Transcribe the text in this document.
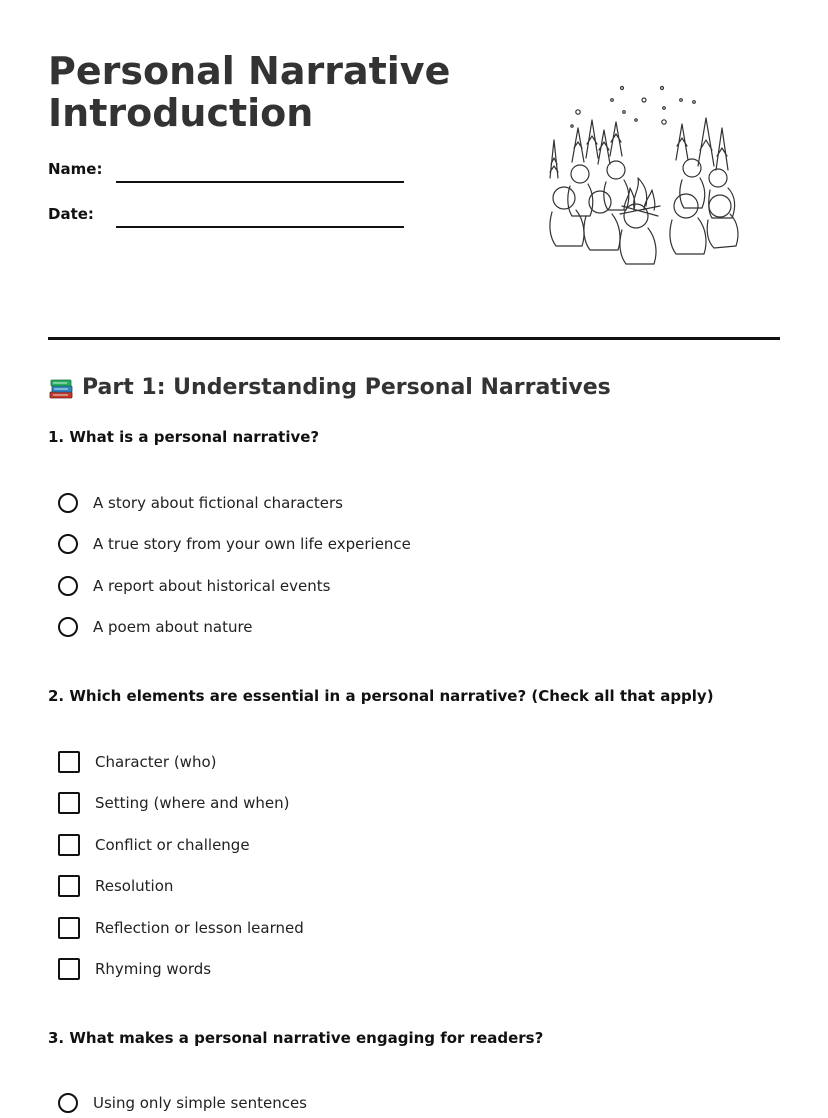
Personal Narrative
Introduction
Name:
Date:
Part 1: Understanding Personal Narratives

1. What is a personal narrative?

A story about fictional characters
A true story from your own life experience
A report about historical events
A poem about nature

2. Which elements are essential in a personal narrative? (Check all that apply)

Character (who)
Setting (where and when)
Conflict or challenge
Resolution
Reflection or lesson learned
Rhyming words

3. What makes a personal narrative engaging for readers?

Using only simple sentences
